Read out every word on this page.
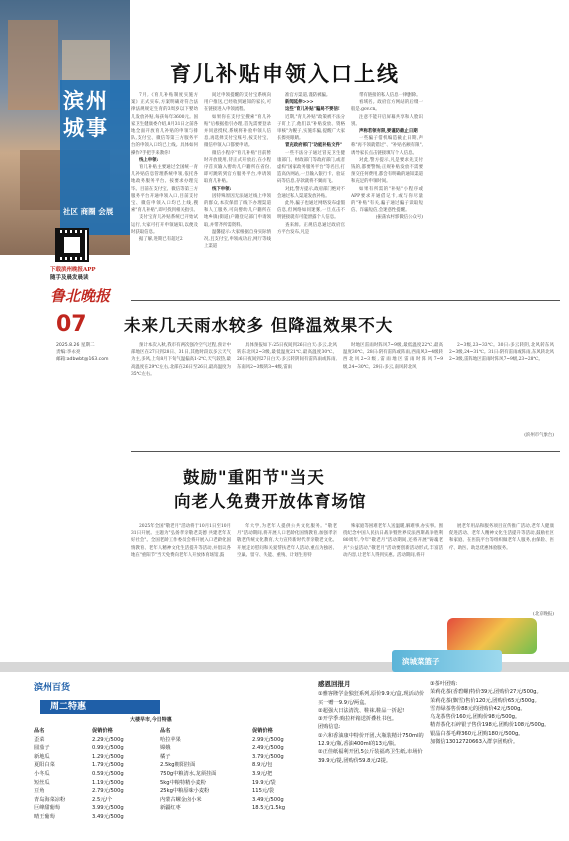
滨州城事
社区 商圈 会展
下载滨州晚报APP
随手及晨发晨读
鲁北晚报
07
2025.8.26 星期二
责编:李永亮
邮箱:adbwbt@163.com
育儿补贴申领入口上线

7月,《育儿补贴制度实施方案》正式实布,方案明确对符合法律法规规定生育的3周岁以下婴幼儿发放补贴,每孩每年3600元。国家卫生健康委介绍,8月31日之前各地全面开放育儿补贴的申领与排队,支付宝、微信等第三方服务平台的申领入口均已上线。具体如何操作?手把手来教你!

线上申领:

育儿补贴主要通过全国统一育儿补贴信息管理系统申领,依托各地政务服务平台、按要求办理完毕。目前在支付宝、微信等第三方服务平台开通申领入口,目前支付宝、微信申领入口均已上线,搜索"育儿补贴",即可找到相关指引。

支付宝育儿补贴系统已开始试运行,大家可打开申领通知,以便及时获取信息。

据了解,进期已有超过2

间过申领提醒的支付宝系统向用户推送,已经收到通知的家长,可在链接进入申领流程。

如果你在支付宝搜索"育儿补贴"后根据指引办理,首先需要登录并同意授权,系统将补验申领人信息,再选择支付宝账号,按支付宝、微信申领入口都要申请。

微信小程序"育儿补贴"目前暂时开放使用,待正式开放后,在小程序首页输入婴幼儿户籍所在省份,即可跳转到官方服务平台,申请领取育儿补贴。

线下申领:

因特殊原因无法通过线上申领的群众,本次保留了线下办理渠道和人工服务,可向婴幼儿户籍所在地乡镇(街道)户籍登记部门申请领取,并带齐所需资料。

温馨提示:大家根据自身实际情况,且支付宝,申领成功后,网厅等线上渠道

准官方渠道,谨防被骗。

新闻延伸>>>

这些"育儿补贴"骗局不要信!

近期,"育儿补贴"政策被不法分子盯上了,他们以"补贴发放、资格审核"为幌子,实施诈骗,提醒广大家长擦亮眼睛。

冒充政府部门"功能补贴文件"

一些不法分子通过冒充卫生健康部门、财政部门等政府部门,或者虚构"国家政务服务平台"等名目,打造高仿网站,一旦输入银行卡、验证码等信息,存款就将不翼而飞。

对此,警方提示,政府部门绝对不会通过私人渠道发放补贴。

此外,骗子也通过网络发布虚假信息,但网络如同迷雾,一旦点击不明链接就有可能泄露个人信息。

查来源。正规信息通过政府官方平台发布,凡是

带有链接的私人信息一律删除。

看域名。政府官方网站的后缀一般是.gov.cn。

注意不能开启屏幕共享和人脸识别。

声称若领有限,要谨防截止日期

一些骗子借机编造截止日期,声称"再不领就错过"、"补贴名额有限",诱导家长点击链接填写个人信息。

对此,警方提示,凡是要求先支付钱的,都要警惕;正规补贴发放不需要预交任何费用,都会有明确的通知渠道和充足的申领时间。

如果有所需的"补贴"小程序或APP要求开通借记卡,或与你尽量的"补贴"有关,骗子通过骗子读取短信、诈骗短信,会迷惑性提醒。

(振荡农村郭微信公众号)

未来几天雨水较多 但降温效果不大

预计本次入秋,我市有两次强冷空气过程,预计中部地区在27日到28日、31日,其他时段以多云天气为主,多风,上旬8月下旬气温偏高1-2℃,天气较热,最高温度在29℃左右,北部在26日至26日,最高温度为35℃左右。

具体预报如下:25日夜间到26日白天:多云,北风转东北风2~3级,最低温度21℃,最高温度30℃。26日夜间到27日白天:多云转阴间有雷阵雨或阵雨,东南风2~3级转3~4级,雷雨

时地区雷雨时阵风7~9级,最低温度22℃,最高温度30℃。28日:阴有雷阵或阵雨,西南风3~4级转西北风2~3级,雷雨地区雷雨时阵风7~9级,24~30℃。29日:多云,南风转北风

2~3级,23~33℃。30日:多云转阴,北风转东风2~3级,24~31℃。31日:阴有雷雨或阵雨,东风转北风2~3级,雷阵地区雷雨时阵风7~9级,23~28℃。

(滨州市气象台)
鼓励"重阳节"当天
向老人免费开放体育场馆

2025年全国"敬老月"活动将于10月1日至10月31日开展。主题为"弘扬孝亲敬老美德 共建老年友好社会"。全国老龄工作委员会将开展入口老龄化国情教育、老年人精神文化生活提升等活动,并倡议各地在"重阳节"当天免费向老年人开放体育场馆,鼓

年大学,为老年人提供公共文化服务。"敬老月"活动期间,将开展人口老龄化国情教育,加强孝亲敬老传统文化教育,大力宣传新时代孝亲敬老文化。开展走访慰问和关爱帮扶老年人活动,重点为独居、空巢、留守、失能、重残、计划生育特

殊家庭等困难老年人送温暖,解难事,办实事。围绕纪念中国人民抗日战争暨世界反法西斯战争胜利80周年,今年"敬老月"活动期间,还将开展"铸魂老兵"公益活动,"敬老月"活动要创新活动形式,丰富活动内容,让老年人得到实惠。活动期间,将开

展老年用品和服务项目宣传推广活动,老年人健康促进活动、老年人精神文化生活提升等活动,鼓励社区和家庭、在医院平台等组织做老年人服务,由保险、医疗、助医、助急优惠体验服务。

(北京晚报)
滨城菜篮子
滨州百货
周二特惠
大楼早市,今日特惠
品名	促销价格
歪菜	2.29元/500g
圆茄子	0.99元/500g
新地瓜	1.29元/500g
夏阳白菜	1.79元/500g
小冬瓜	0.59元/500g
短丝瓜	1.19元/500g
豆角	2.79元/500g
青岛海菜凉粉	2.5元/个
巨峰甜葡萄	3.99元/500g
晴王葡萄	3.49元/500g
品名	促销价格
哈拉苹果	2.99元/500g
嫦娥	2.49元/500g
橘子	3.79元/500g
2.5kg朝阳挂面	8.9元/包
750g中粮清水,龙须挂面	3.9元/把
5kg中粮特精小麦粉	19.9元/袋
25kg中粮原味小麦粉	115元/袋
内蒙古螺金卤小米	3.49元/500g
新疆红枣	18.5元/1.5kg
感恩回报月
①雅客隆学金独狂系列,原价9.9元/盒,现活动价买一赠一9.9元/两盒。
②超强大日法清洗、鞋袜,鞋品一折起!
③开学季:购拉杆箱送折叠杜书包。
团购信息:
①六和香油康中特价开团,大瓶装精计750ml的12.9元/瓶,香油400ml的13元/瓶。
②正佳纸福利开团,5公斤装福鸡卫生纸,市场价39.9元/提,团购价59.8元/2提。
③茶叶团购:
茉莉花茶(香碧螺)特价39元,团购价27元/500g。
茉莉花茶(飘雪)售价120元,团购价65元/500g。
雪青绿茶售价88元的团购价42元/500g。
乌龙茶售价160元,团购价98元/500g。
精青茶化石碎银子售价198元,团购价108元/500g。
银晶白茶毛峰360元,团购180元/500g。
加微信13012720663入群享团购价。
